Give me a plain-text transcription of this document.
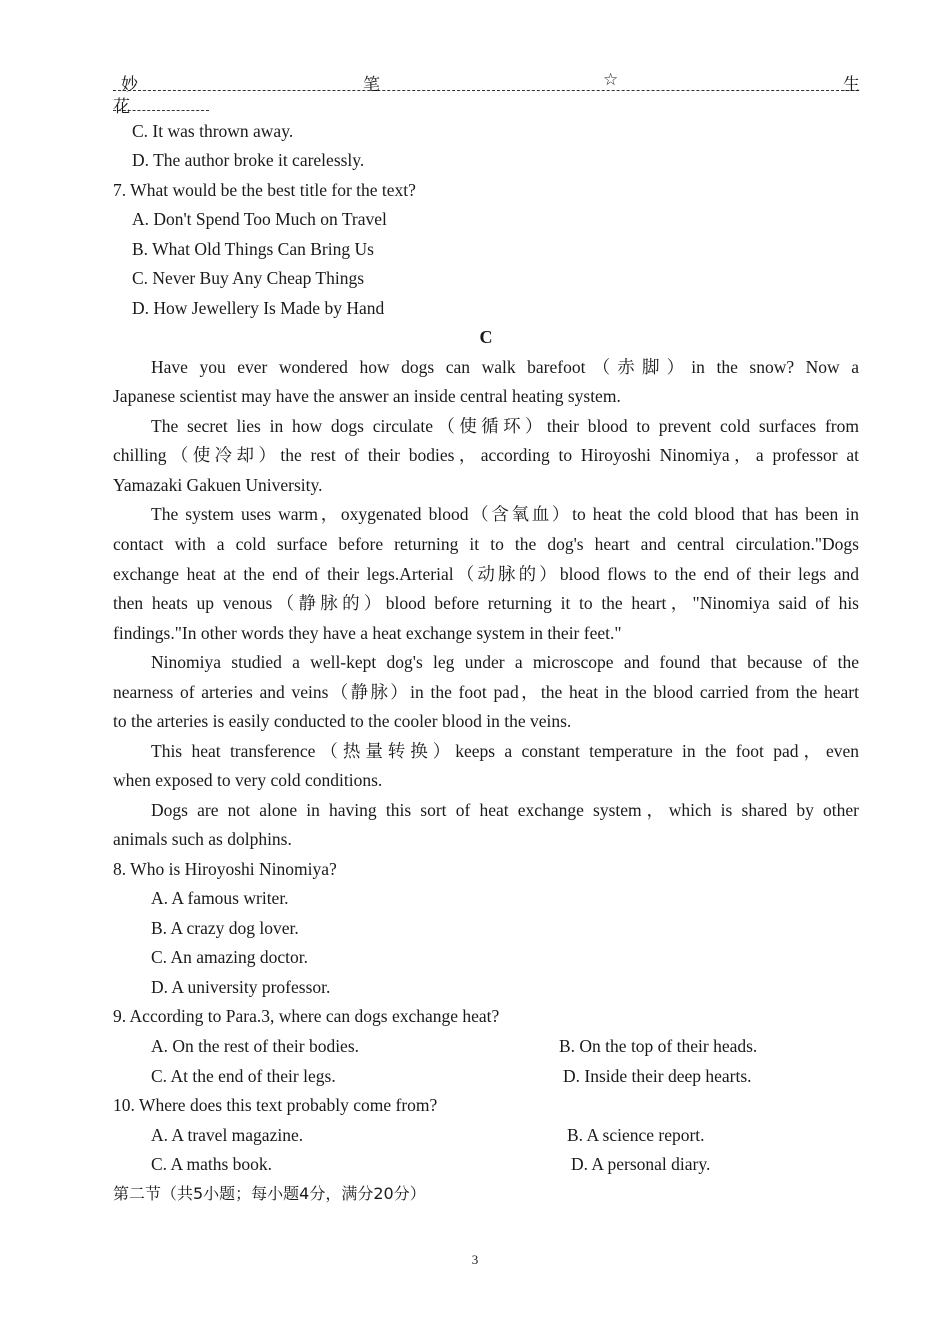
妙	笔	☆	生
花
C. It was thrown away.
D. The author broke it carelessly.
7. What would be the best title for the text?
A. Don't Spend Too Much on Travel
B. What Old Things Can Bring Us
C. Never Buy Any Cheap Things
D. How Jewellery Is Made by Hand
C
Have you ever wondered how dogs can walk barefoot（赤脚）in the snow? Now a
Japanese scientist may have the answer an inside central heating system.
The secret lies in how dogs circulate（使循环）their blood to prevent cold surfaces from
chilling（使冷却）the rest of their bodies，according to Hiroyoshi Ninomiya，a professor at
Yamazaki Gakuen University.
The system uses warm，oxygenated blood（含氧血）to heat the cold blood that has been in
contact with a cold surface before returning it to the dog's heart and central circulation."Dogs
exchange heat at the end of their legs.Arterial（动脉的）blood flows to the end of their legs and
then heats up venous（静脉的）blood before returning it to the heart，"Ninomiya said of his
findings."In other words they have a heat exchange system in their feet."
Ninomiya studied a well-kept dog's leg under a microscope and found that because of the
nearness of arteries and veins（静脉）in the foot pad，the heat in the blood carried from the heart
to the arteries is easily conducted to the cooler blood in the veins.
This heat transference（热量转换）keeps a constant temperature in the foot pad，even
when exposed to very cold conditions.
Dogs are not alone in having this sort of heat exchange system，which is shared by other
animals such as dolphins.
8. Who is Hiroyoshi Ninomiya?
A. A famous writer.
B. A crazy dog lover.
C. An amazing doctor.
D. A university professor.
9. According to Para.3, where can dogs exchange heat?
A. On the rest of their bodies.	B. On the top of their heads.
C. At the end of their legs.	D. Inside their deep hearts.
10. Where does this text probably come from?
A. A travel magazine.	B. A science report.
C. A maths book.	D. A personal diary.
第二节（共5小题；每小题4分，满分20分）
3
